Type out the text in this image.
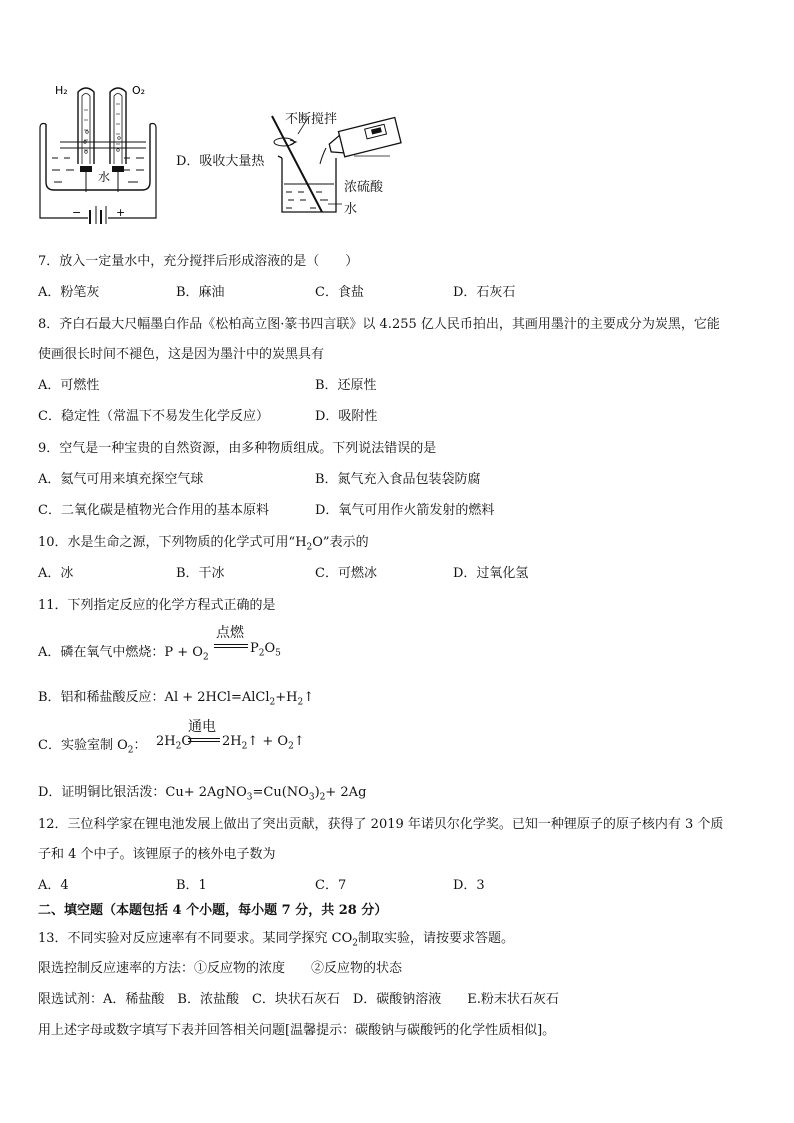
H₂	O₂
水
−	+
D．吸收大量热
不断搅拌
浓硫酸
水
7．放入一定量水中，充分搅拌后形成溶液的是（　　）
A．粉笔灰	B．麻油	C．食盐	D．石灰石
8．齐白石最大尺幅墨白作品《松柏高立图·篆书四言联》以 4.255 亿人民币拍出，其画用墨汁的主要成分为炭黑，它能
使画很长时间不褪色，这是因为墨汁中的炭黑具有
A．可燃性	B．还原性
C．稳定性（常温下不易发生化学反应）	D．吸附性
9．空气是一种宝贵的自然资源，由多种物质组成。下列说法错误的是
A．氦气可用来填充探空气球	B．氮气充入食品包装袋防腐
C．二氧化碳是植物光合作用的基本原料	D．氧气可用作火箭发射的燃料
10．水是生命之源，下列物质的化学式可用“$H_2O$”表示的
A．冰	B．干冰	C．可燃冰	D．过氧化氢
11．下列指定反应的化学方程式正确的是
A．磷在氧气中燃烧：$P + O_2$
点燃
$P_2O_5$
B．铝和稀盐酸反应：$Al + 2HCl=AlCl_2+H_2↑$
C．实验室制 $O_2$： $2H_2O$
通电
$2H_2↑$ + $O_2↑$
D．证明铜比银活泼：$Cu+ 2AgNO_3=Cu(NO_3)_2+ 2Ag$
12．三位科学家在锂电池发展上做出了突出贡献，获得了 2019 年诺贝尔化学奖。已知一种锂原子的原子核内有 3 个质
子和 4 个中子。该锂原子的核外电子数为
A．4	B．1	C．7	D．3
二、填空题（本题包括 4 个小题，每小题 7 分，共 28 分）
13．不同实验对反应速率有不同要求。某同学探究 $CO_2$制取实验，请按要求答题。
限选控制反应速率的方法：①反应物的浓度　　②反应物的状态
限选试剂：A．稀盐酸　B．浓盐酸　C．块状石灰石　D．碳酸钠溶液　　E.粉末状石灰石
用上述字母或数字填写下表并回答相关问题[温馨提示：碳酸钠与碳酸钙的化学性质相似]。
